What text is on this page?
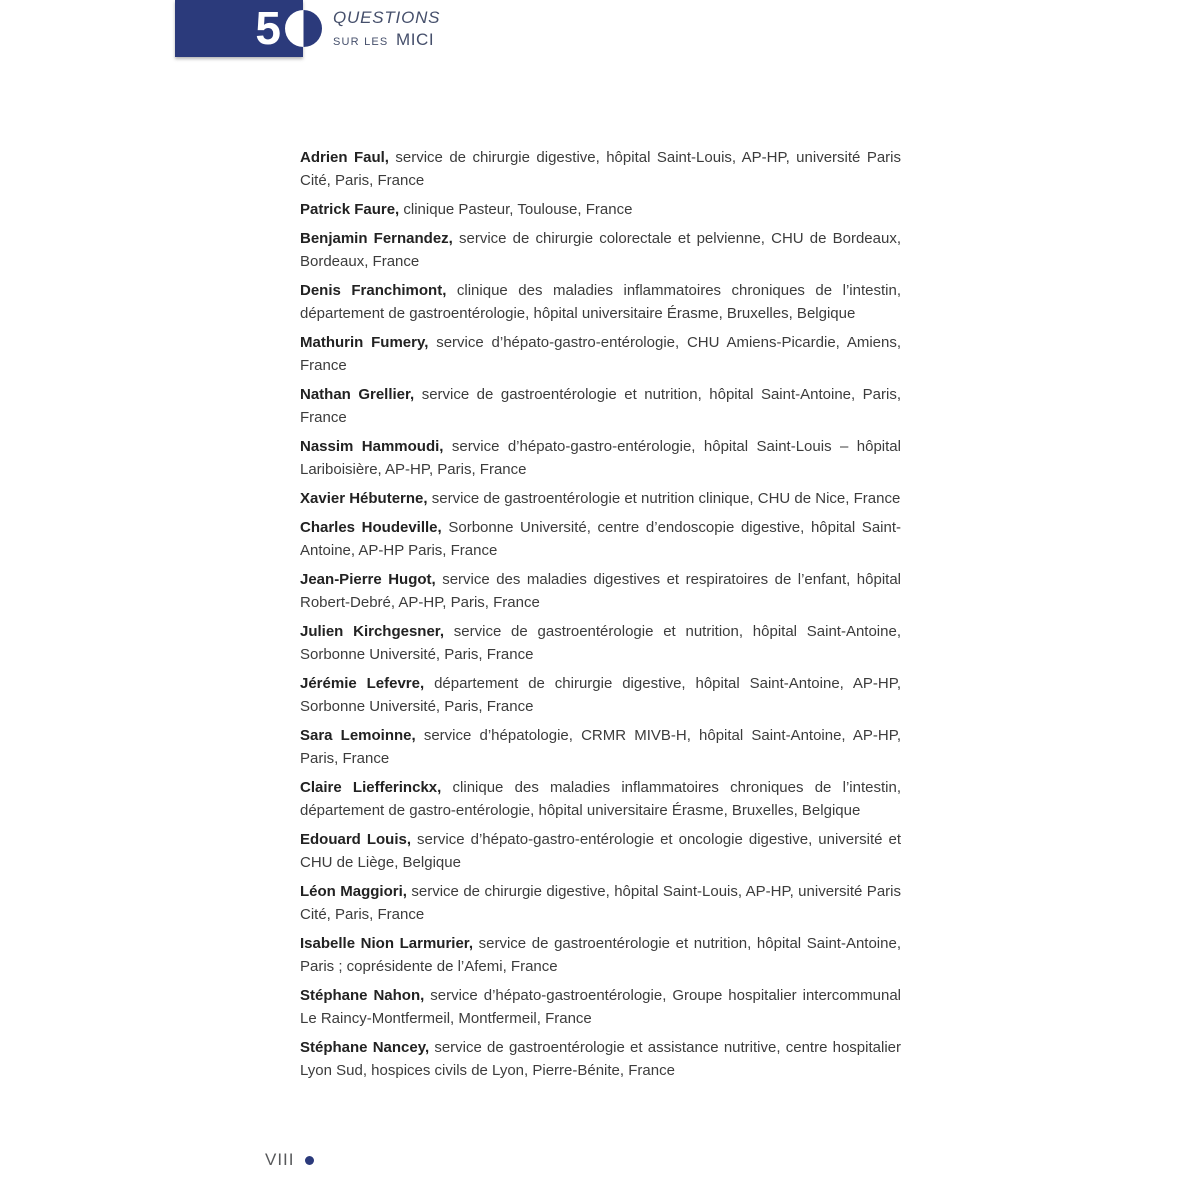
5	QUESTIONS
SUR LES MICI

Adrien Faul, service de chirurgie digestive, hôpital Saint-Louis, AP-HP, université Paris Cité, Paris, France

Patrick Faure, clinique Pasteur, Toulouse, France

Benjamin Fernandez, service de chirurgie colorectale et pelvienne, CHU de Bordeaux, Bordeaux, France

Denis Franchimont, clinique des maladies inflammatoires chroniques de l’intestin, département de gastroentérologie, hôpital universitaire Érasme, Bruxelles, Belgique

Mathurin Fumery, service d’hépato-gastro-entérologie, CHU Amiens-Picardie, Amiens, France

Nathan Grellier, service de gastroentérologie et nutrition, hôpital Saint-Antoine, Paris, France

Nassim Hammoudi, service d’hépato-gastro-entérologie, hôpital Saint-Louis – hôpital Lariboisière, AP-HP, Paris, France

Xavier Hébuterne, service de gastroentérologie et nutrition clinique, CHU de Nice, France

Charles Houdeville, Sorbonne Université, centre d’endoscopie digestive, hôpital Saint-Antoine, AP-HP Paris, France

Jean-Pierre Hugot, service des maladies digestives et respiratoires de l’enfant, hôpital Robert-Debré, AP-HP, Paris, France

Julien Kirchgesner, service de gastroentérologie et nutrition, hôpital Saint-Antoine, Sorbonne Université, Paris, France

Jérémie Lefevre, département de chirurgie digestive, hôpital Saint-Antoine, AP-HP, Sorbonne Université, Paris, France

Sara Lemoinne, service d’hépatologie, CRMR MIVB-H, hôpital Saint-Antoine, AP-HP, Paris, France

Claire Liefferinckx, clinique des maladies inflammatoires chroniques de l’intestin, département de gastro-entérologie, hôpital universitaire Érasme, Bruxelles, Belgique

Edouard Louis, service d’hépato-gastro-entérologie et oncologie digestive, université et CHU de Liège, Belgique

Léon Maggiori, service de chirurgie digestive, hôpital Saint-Louis, AP-HP, université Paris Cité, Paris, France

Isabelle Nion Larmurier, service de gastroentérologie et nutrition, hôpital Saint-Antoine, Paris ; coprésidente de l’Afemi, France

Stéphane Nahon, service d’hépato-gastroentérologie, Groupe hospitalier intercommunal Le Raincy-Montfermeil, Montfermeil, France

Stéphane Nancey, service de gastroentérologie et assistance nutritive, centre hospitalier Lyon Sud, hospices civils de Lyon, Pierre-Bénite, France

VIII
